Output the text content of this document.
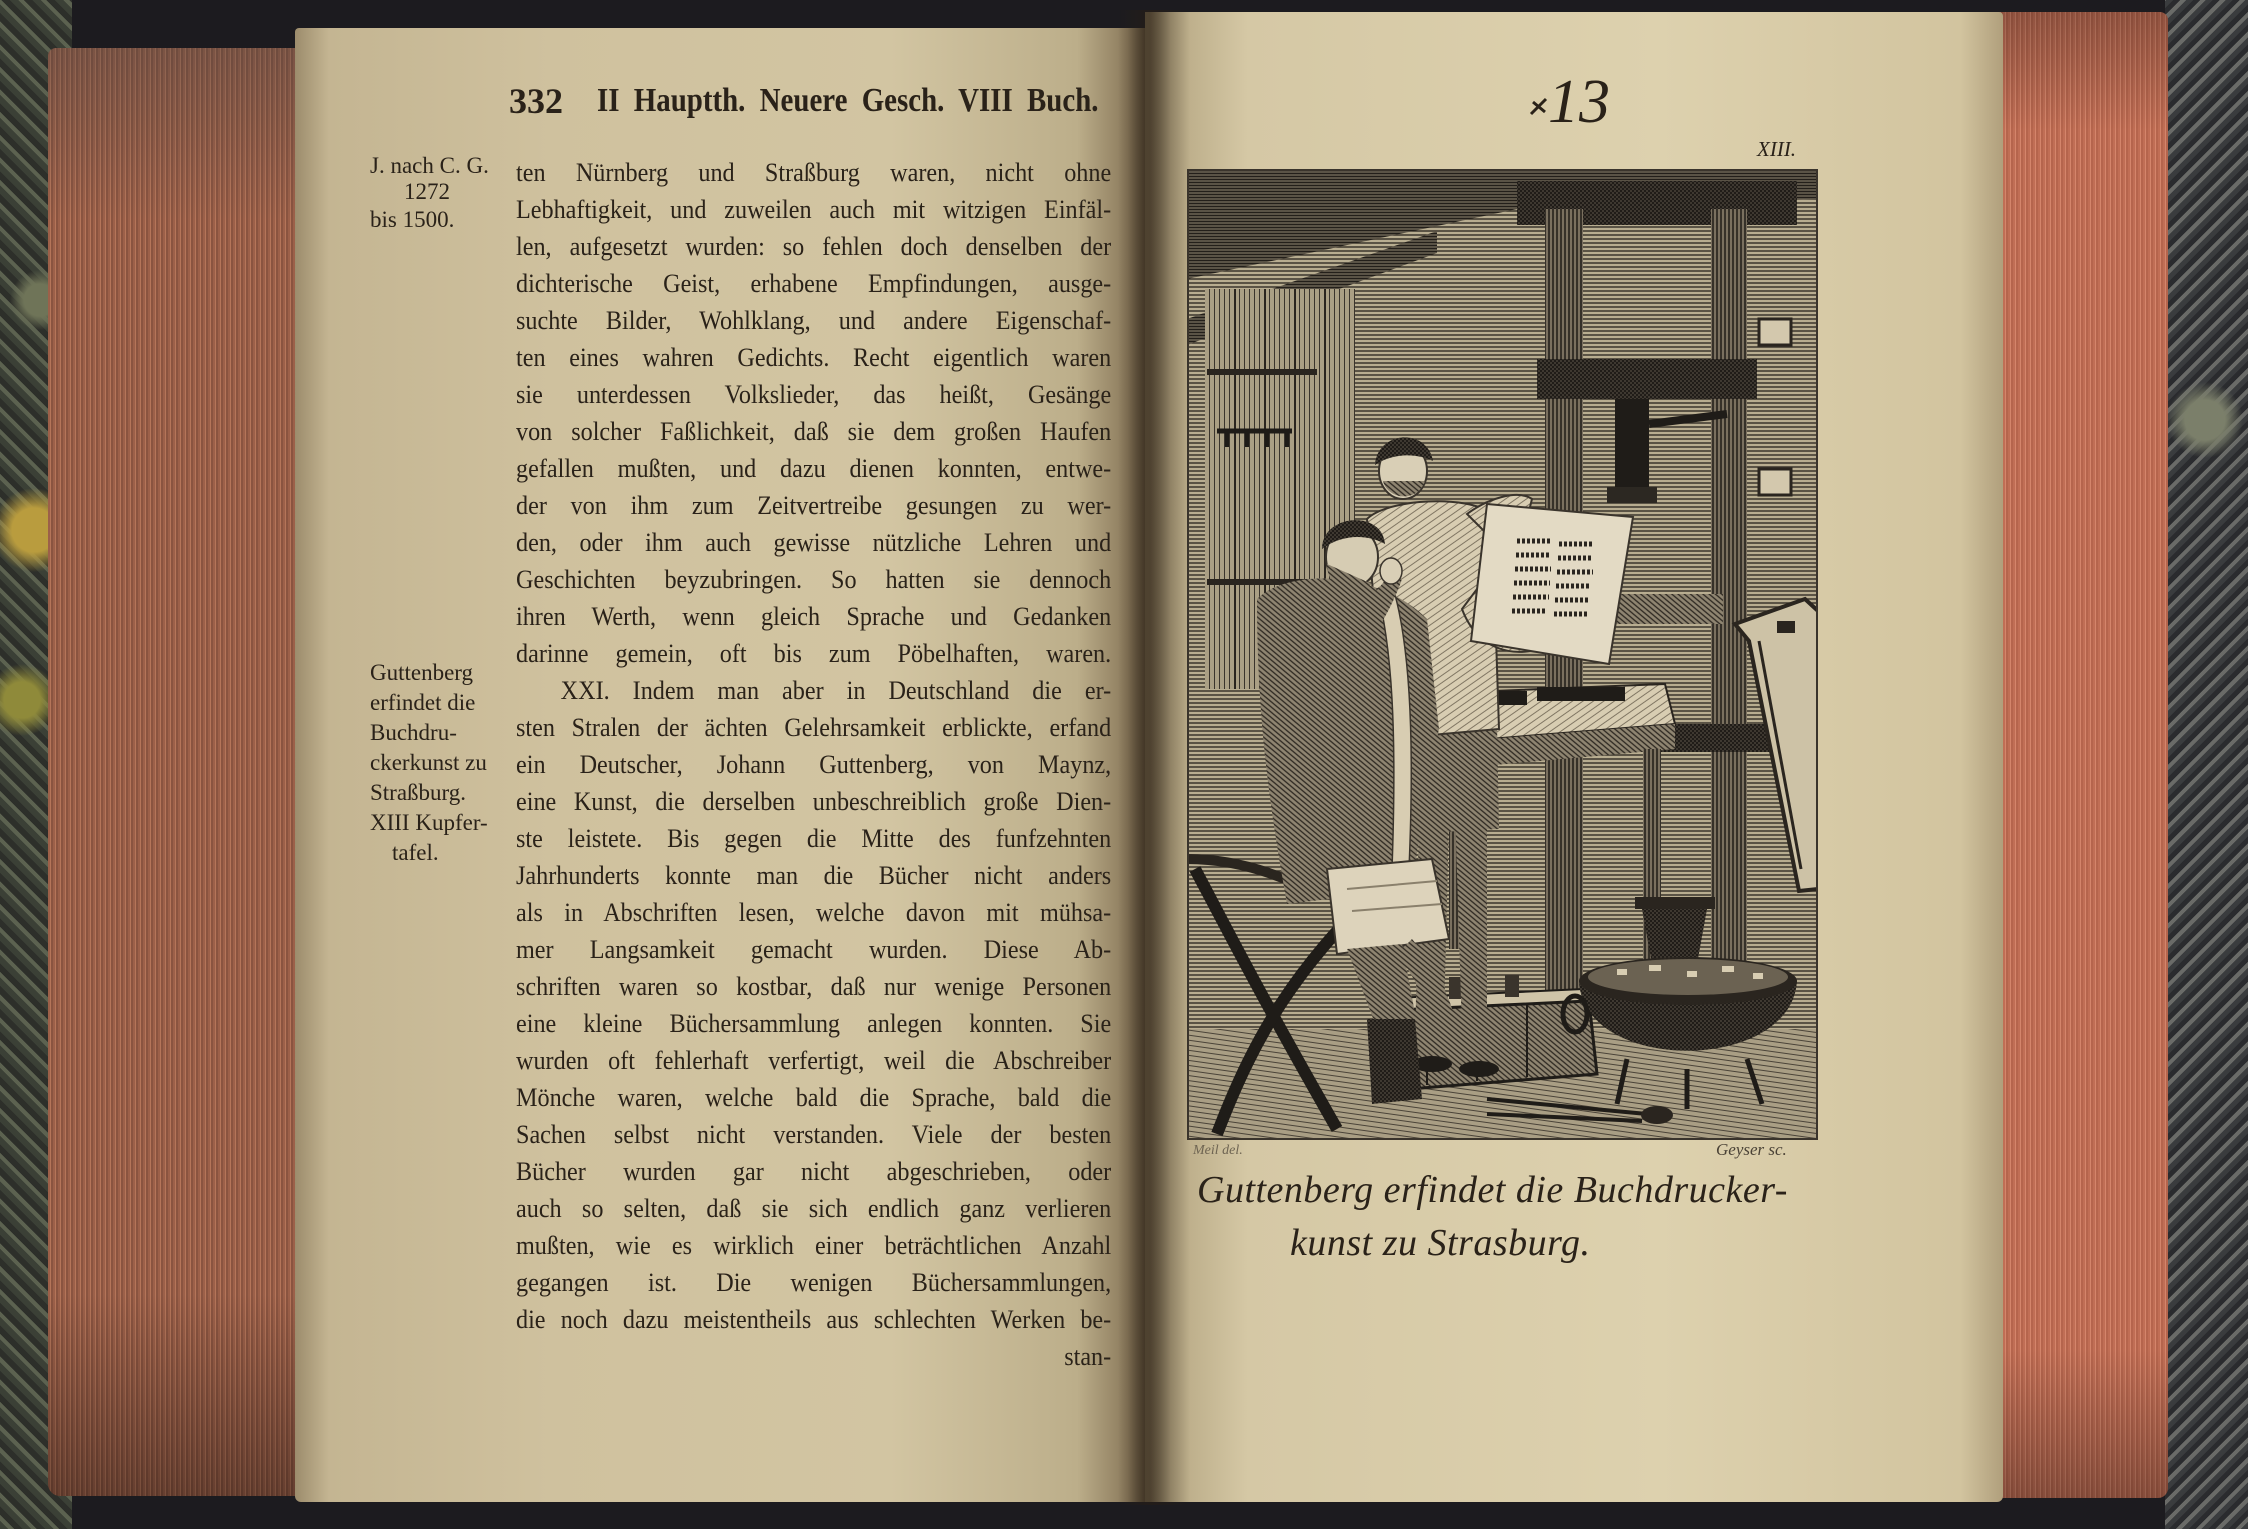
332 II Hauptth. Neuere Gesch. VIII Buch.
J. nach C. G.
1272
bis 1500.
Guttenberg
erfindet die
Buchdru-
ckerkunst zu
Straßburg.
XIII Kupfer-
tafel.
ten Nürnberg und Straßburg waren, nicht ohne
Lebhaftigkeit, und zuweilen auch mit witzigen Einfäl-
len, aufgesetzt wurden: so fehlen doch denselben der
dichterische Geist, erhabene Empfindungen, ausge-
suchte Bilder, Wohlklang, und andere Eigenschaf-
ten eines wahren Gedichts. Recht eigentlich waren
sie unterdessen Volkslieder, das heißt, Gesänge
von solcher Faßlichkeit, daß sie dem großen Haufen
gefallen mußten, und dazu dienen konnten, entwe-
der von ihm zum Zeitvertreibe gesungen zu wer-
den, oder ihm auch gewisse nützliche Lehren und
Geschichten beyzubringen. So hatten sie dennoch
ihren Werth, wenn gleich Sprache und Gedanken
darinne gemein, oft bis zum Pöbelhaften, waren.
XXI. Indem man aber in Deutschland die er-
sten Stralen der ächten Gelehrsamkeit erblickte, erfand
ein Deutscher, Johann Guttenberg, von Maynz,
eine Kunst, die derselben unbeschreiblich große Dien-
ste leistete. Bis gegen die Mitte des funfzehnten
Jahrhunderts konnte man die Bücher nicht anders
als in Abschriften lesen, welche davon mit mühsa-
mer Langsamkeit gemacht wurden. Diese Ab-
schriften waren so kostbar, daß nur wenige Personen
eine kleine Büchersammlung anlegen konnten. Sie
wurden oft fehlerhaft verfertigt, weil die Abschreiber
Mönche waren, welche bald die Sprache, bald die
Sachen selbst nicht verstanden. Viele der besten
Bücher wurden gar nicht abgeschrieben, oder
auch so selten, daß sie sich endlich ganz verlieren
mußten, wie es wirklich einer beträchtlichen Anzahl
gegangen ist. Die wenigen Büchersammlungen,
die noch dazu meistentheils aus schlechten Werken be-
stan-
13
XIII.
Meil del.	Geyser sc.
Guttenberg erfindet die Buchdrucker-
kunst zu Strasburg.
